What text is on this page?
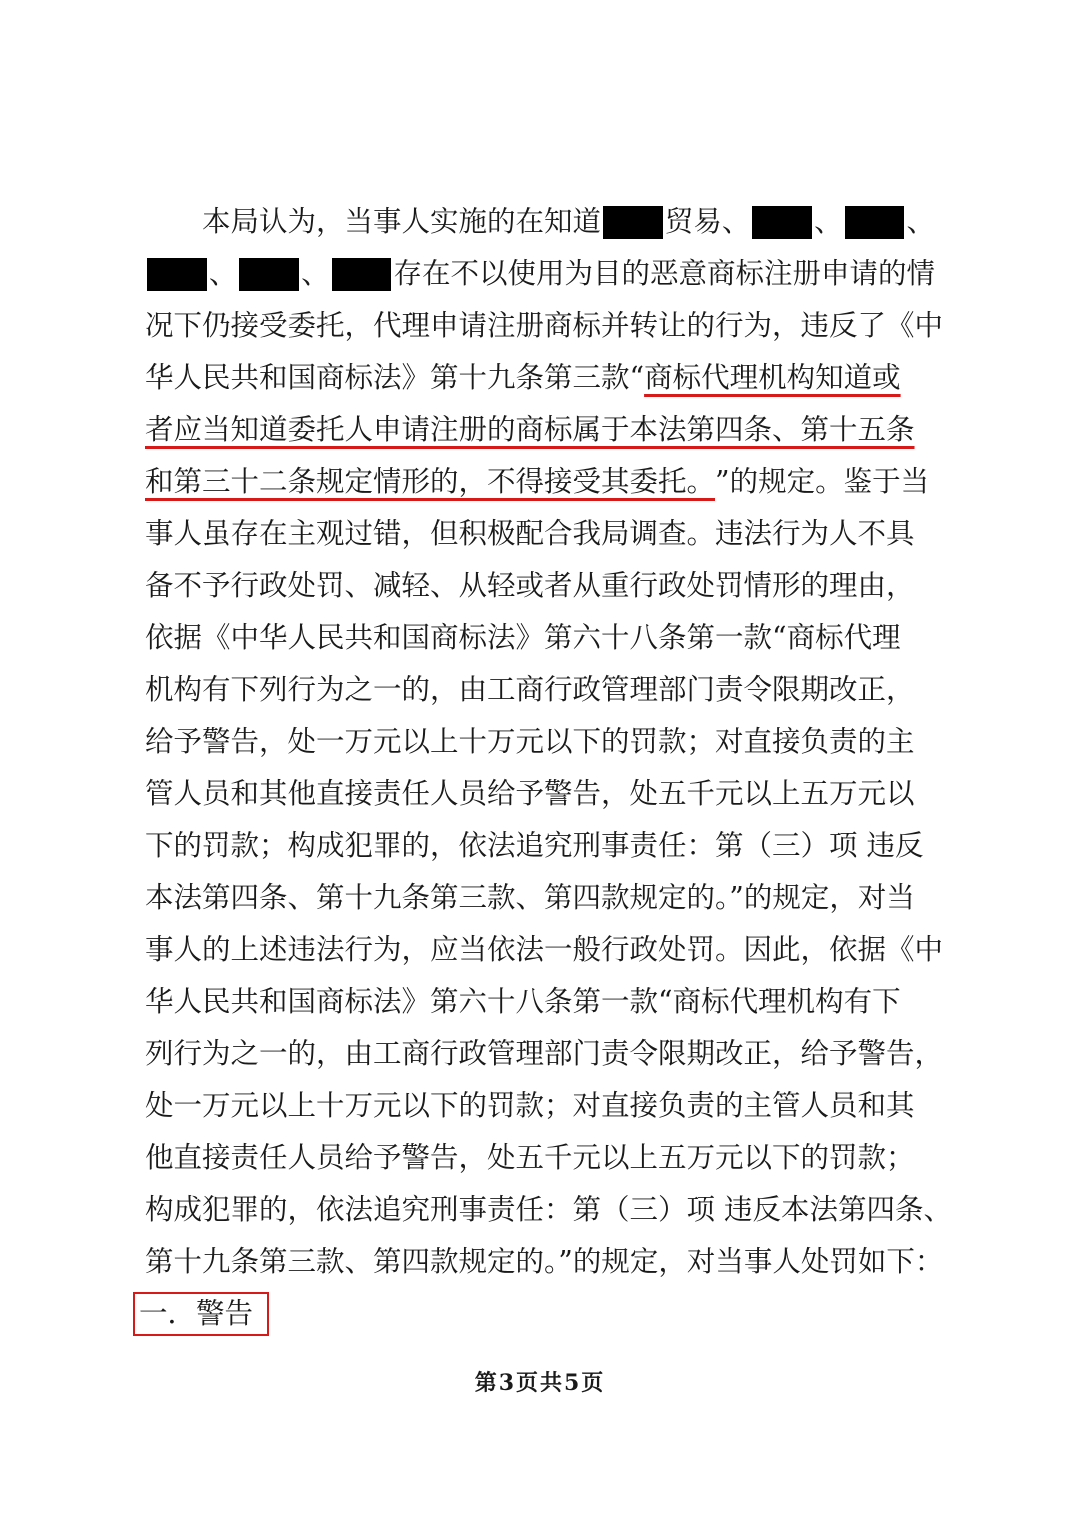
本局认为，当事人实施的在知道 贸易、 、 、
、 、 存在不以使用为目的恶意商标注册申请的情
况下仍接受委托，代理申请注册商标并转让的行为，违反了《中
华人民共和国商标法》第十九条第三款“ 商标代理机构知道或
者应当知道委托人申请注册的商标属于本法第四条、第十五条
和第三十二条规定情形的，不得接受其委托。 ”的规定。鉴于当
事人虽存在主观过错，但积极配合我局调查。违法行为人不具
备不予行政处罚、减轻、从轻或者从重行政处罚情形的理由，
依据《中华人民共和国商标法》第六十八条第一款“商标代理
机构有下列行为之一的，由工商行政管理部门责令限期改正，
给予警告，处一万元以上十万元以下的罚款；对直接负责的主
管人员和其他直接责任人员给予警告，处五千元以上五万元以
下的罚款；构成犯罪的，依法追究刑事责任：第（三）项 违反
本法第四条、第十九条第三款、第四款规定的。”的规定，对当
事人的上述违法行为，应当依法一般行政处罚。因此，依据《中
华人民共和国商标法》第六十八条第一款“商标代理机构有下
列行为之一的，由工商行政管理部门责令限期改正，给予警告，
处一万元以上十万元以下的罚款；对直接负责的主管人员和其
他直接责任人员给予警告，处五千元以上五万元以下的罚款；
构成犯罪的，依法追究刑事责任：第（三）项 违反本法第四条、
第十九条第三款、第四款规定的。”的规定，对当事人处罚如下：
一．警告
第3页共5页
